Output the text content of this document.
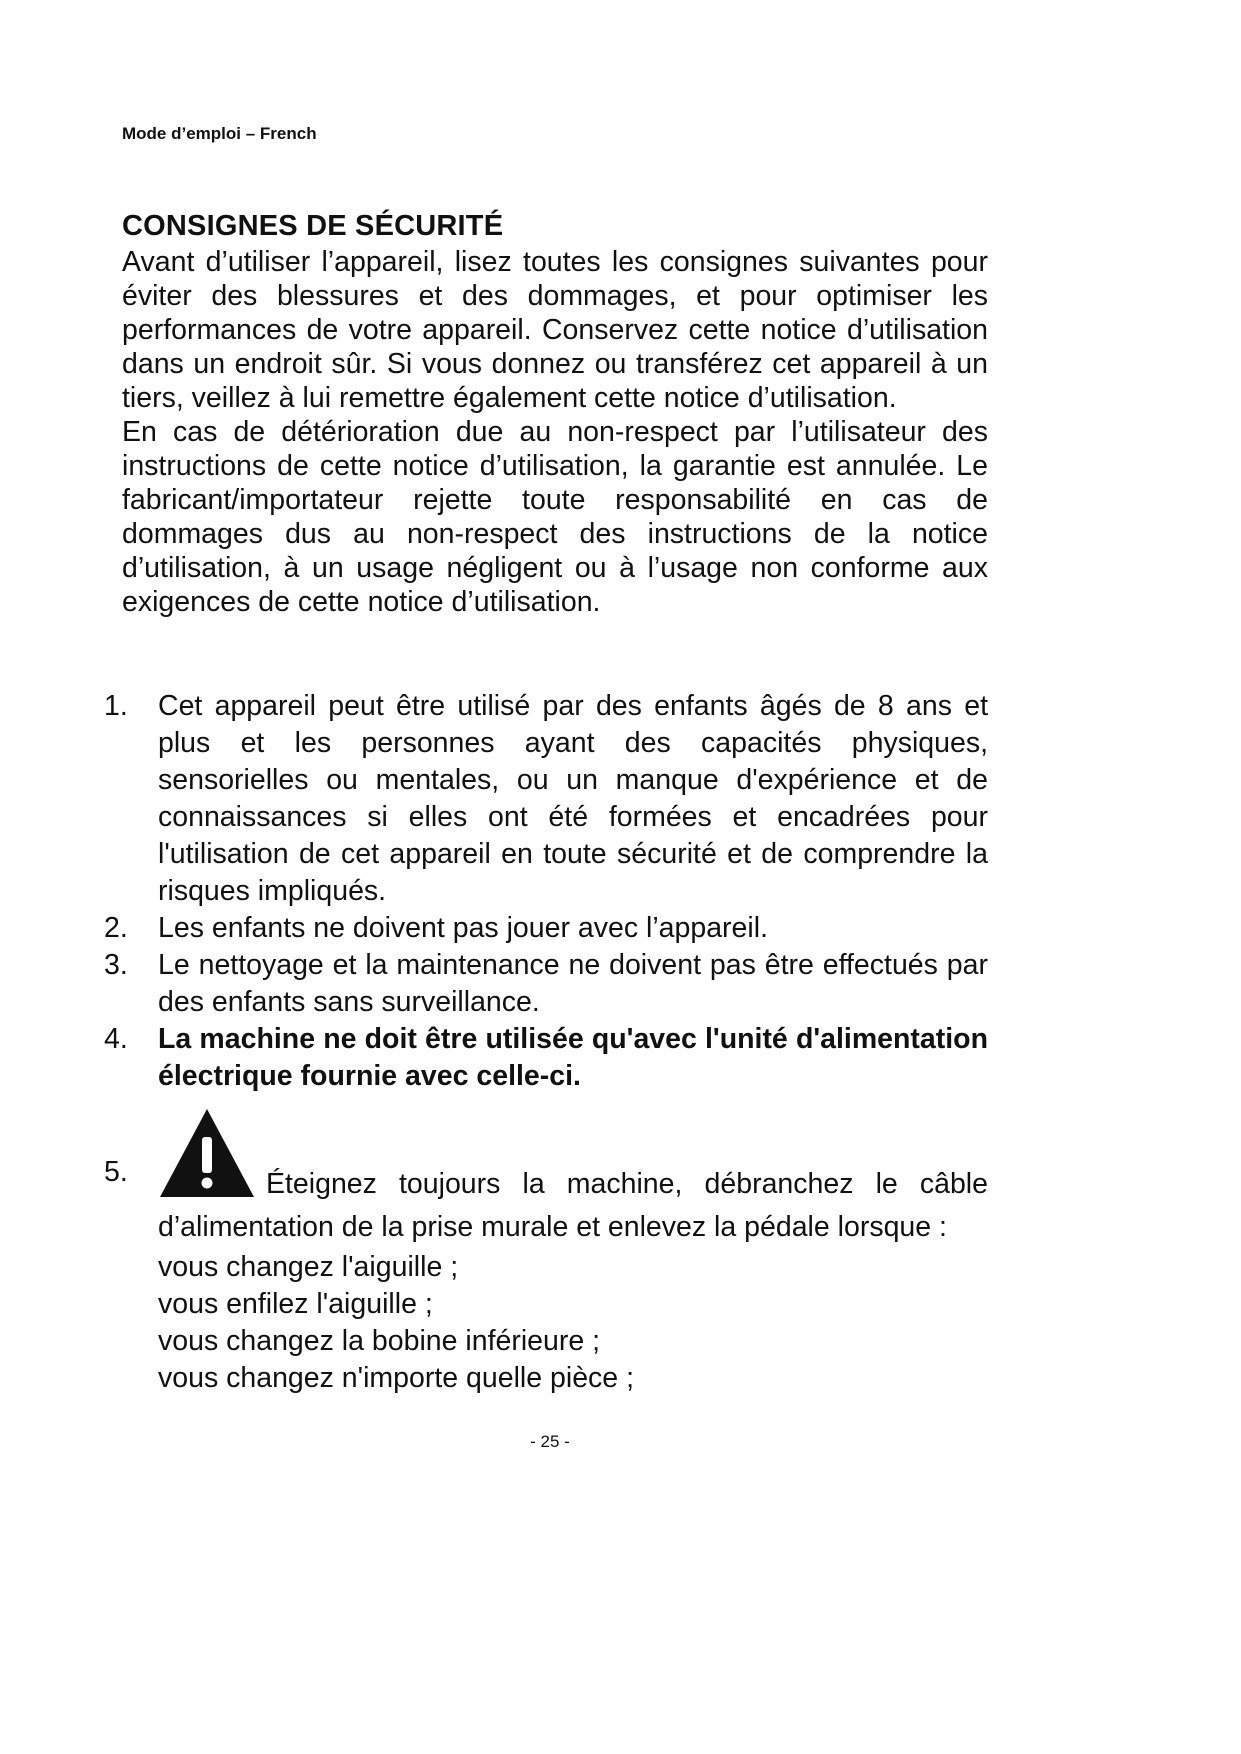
Mode d’emploi – French
CONSIGNES DE SÉCURITÉ

Avant d’utiliser l’appareil, lisez toutes les consignes suivantes pour éviter des blessures et des dommages, et pour optimiser les performances de votre appareil. Conservez cette notice d’utilisation dans un endroit sûr. Si vous donnez ou transférez cet appareil à un tiers, veillez à lui remettre également cette notice d’utilisation.

En cas de détérioration due au non-respect par l’utilisateur des instructions de cette notice d’utilisation, la garantie est annulée. Le fabricant/importateur rejette toute responsabilité en cas de dommages dus au non-respect des instructions de la notice d’utilisation, à un usage négligent ou à l’usage non conforme aux exigences de cette notice d’utilisation.

1. Cet appareil peut être utilisé par des enfants âgés de 8 ans et plus et les personnes ayant des capacités physiques, sensorielles ou mentales, ou un manque d'expérience et de connaissances si elles ont été formées et encadrées pour l'utilisation de cet appareil en toute sécurité et de comprendre la risques impliqués.
2. Les enfants ne doivent pas jouer avec l’appareil.
3. Le nettoyage et la maintenance ne doivent pas être effectués par des enfants sans surveillance.
4. La machine ne doit être utilisée qu'avec l'unité d'alimentation électrique fournie avec celle-ci.
5.	Éteignez toujours la machine, débranchez le câble d’alimentation de la prise murale et enlevez la pédale lorsque :
vous changez l'aiguille ;
vous enfilez l'aiguille ;
vous changez la bobine inférieure ;
vous changez n'importe quelle pièce ;
- 25 -
